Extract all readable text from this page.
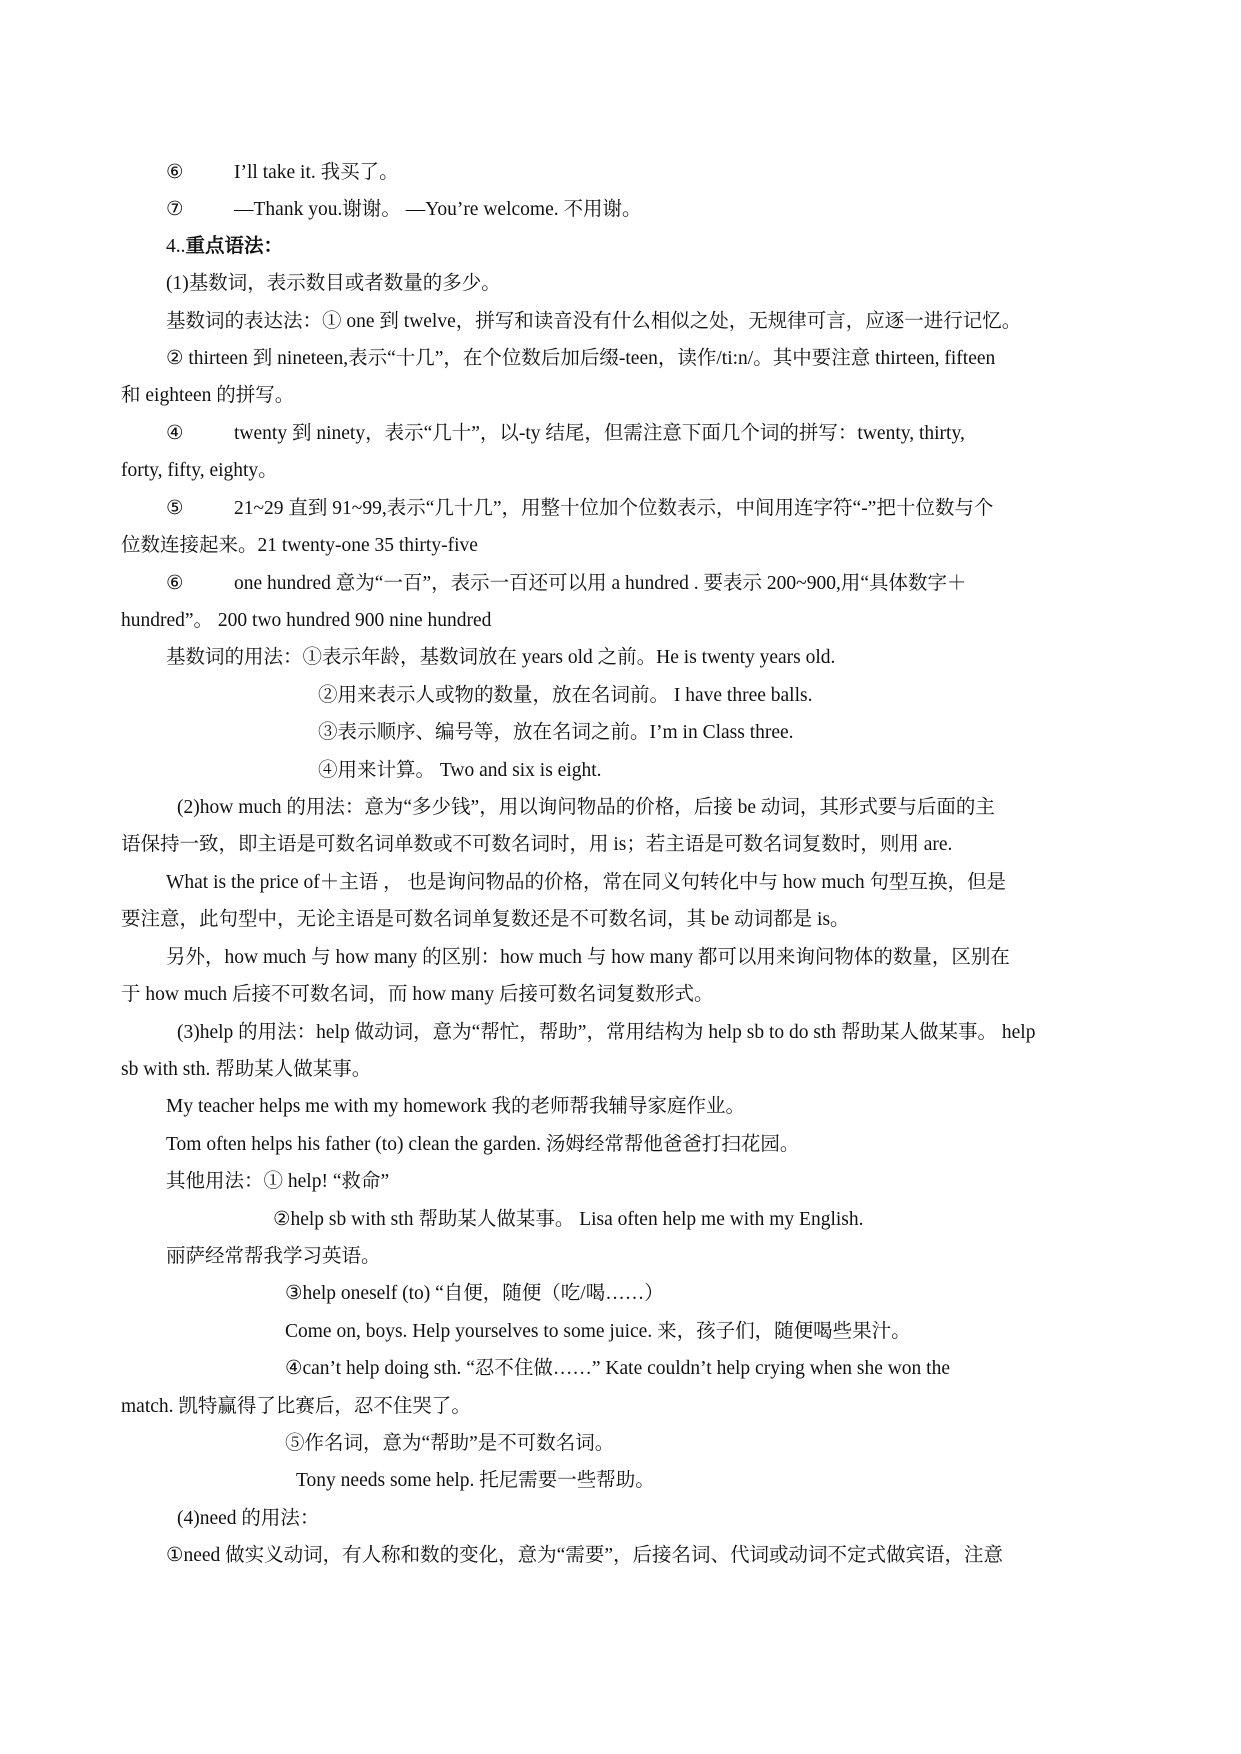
⑥	I’ll take it. 我买了。
⑦	—Thank you.谢谢。 —You’re welcome. 不用谢。
4..重点语法：
(1)基数词，表示数目或者数量的多少。
基数词的表达法：① one 到 twelve，拼写和读音没有什么相似之处，无规律可言，应逐一进行记忆。
② thirteen 到 nineteen,表示“十几”，在个位数后加后缀-teen，读作/ti:n/。其中要注意 thirteen, fifteen
和 eighteen 的拼写。
④	twenty 到 ninety，表示“几十”，以-ty 结尾，但需注意下面几个词的拼写：twenty, thirty,
forty, fifty, eighty。
⑤	21~29 直到 91~99,表示“几十几”，用整十位加个位数表示，中间用连字符“-”把十位数与个
位数连接起来。21 twenty-one 35 thirty-five
⑥	one hundred 意为“一百”，表示一百还可以用 a hundred . 要表示 200~900,用“具体数字＋
hundred”。 200 two hundred 900 nine hundred
基数词的用法：①表示年龄，基数词放在 years old 之前。He is twenty years old.
②用来表示人或物的数量，放在名词前。 I have three balls.
③表示顺序、编号等，放在名词之前。I’m in Class three.
④用来计算。 Two and six is eight.
(2)how much 的用法：意为“多少钱”，用以询问物品的价格，后接 be 动词，其形式要与后面的主
语保持一致，即主语是可数名词单数或不可数名词时，用 is；若主语是可数名词复数时，则用 are.
What is the price of＋主语 ， 也是询问物品的价格，常在同义句转化中与 how much 句型互换，但是
要注意，此句型中，无论主语是可数名词单复数还是不可数名词，其 be 动词都是 is。
另外，how much 与 how many 的区别：how much 与 how many 都可以用来询问物体的数量，区别在
于 how much 后接不可数名词，而 how many 后接可数名词复数形式。
(3)help 的用法：help 做动词，意为“帮忙，帮助”，常用结构为 help sb to do sth 帮助某人做某事。 help
sb with sth. 帮助某人做某事。
My teacher helps me with my homework 我的老师帮我辅导家庭作业。
Tom often helps his father (to) clean the garden. 汤姆经常帮他爸爸打扫花园。
其他用法：① help! “救命”
②help sb with sth 帮助某人做某事。 Lisa often help me with my English.
丽萨经常帮我学习英语。
③help oneself (to) “自便，随便（吃/喝……）
Come on, boys. Help yourselves to some juice. 来，孩子们，随便喝些果汁。
④can’t help doing sth. “忍不住做……” Kate couldn’t help crying when she won the
match. 凯特赢得了比赛后，忍不住哭了。
⑤作名词，意为“帮助”是不可数名词。
Tony needs some help. 托尼需要一些帮助。
(4)need 的用法：
①need 做实义动词，有人称和数的变化，意为“需要”，后接名词、代词或动词不定式做宾语，注意
